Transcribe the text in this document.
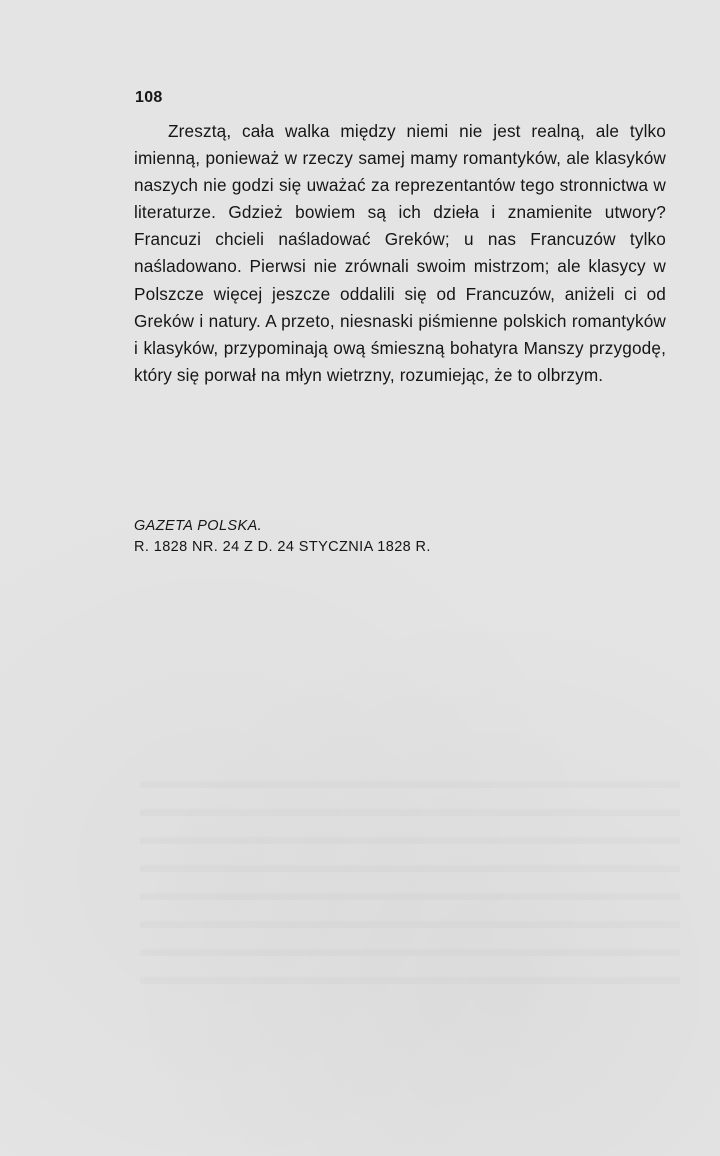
108

Zresztą, cała walka między niemi nie jest realną, ale tylko imienną, ponieważ w rzeczy samej mamy romantyków, ale klasyków naszych nie godzi się uważać za reprezentantów tego stronnictwa w literaturze. Gdzież bowiem są ich dzieła i znamienite utwory? Francuzi chcieli naśladować Greków; u nas Francuzów tylko naśladowano. Pierwsi nie zrównali swoim mistrzom; ale klasycy w Polszcze więcej jeszcze oddalili się od Francuzów, aniżeli ci od Greków i natury. A przeto, niesnaski piśmienne polskich romantyków i klasyków, przypominają ową śmieszną bohatyra Manszy przygodę, który się porwał na młyn wietrzny, rozumiejąc, że to olbrzym.

GAZETA POLSKA.
R. 1828 NR. 24 Z D. 24 STYCZNIA 1828 R.
